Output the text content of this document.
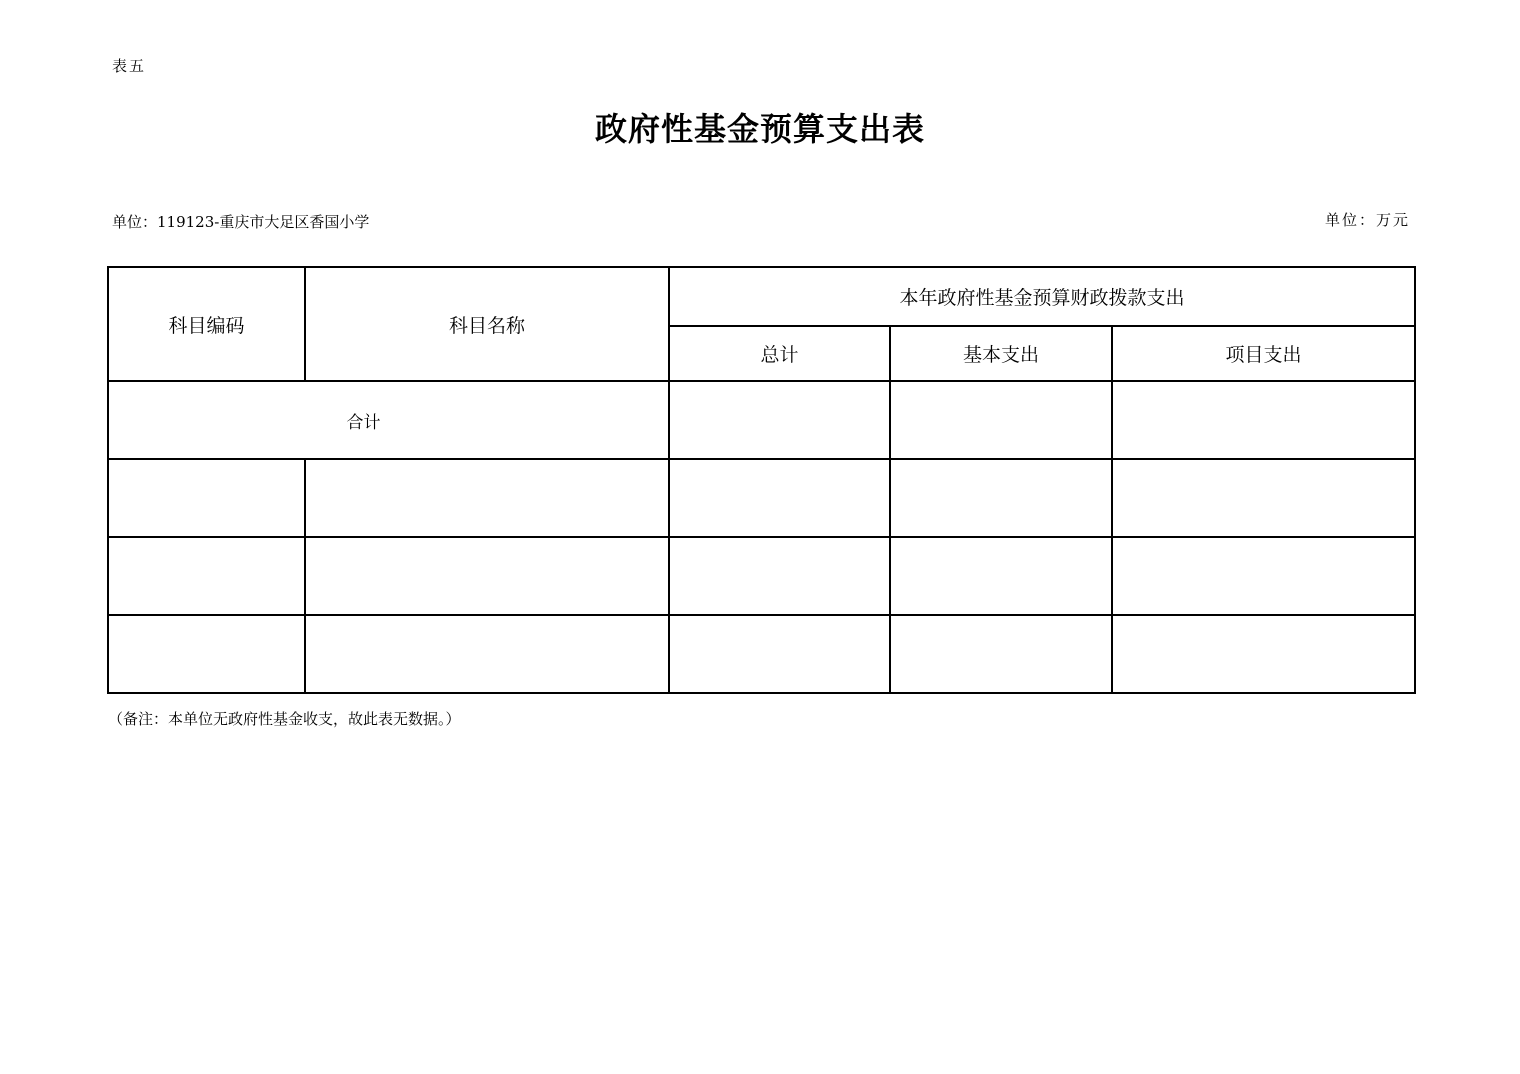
表五
政府性基金预算支出表
单位：119123-重庆市大足区香国小学	单位：万元
科目编码	科目名称	本年政府性基金预算财政拨款支出		
		总计	基本支出	项目支出
合计				

（备注：本单位无政府性基金收支，故此表无数据。）
